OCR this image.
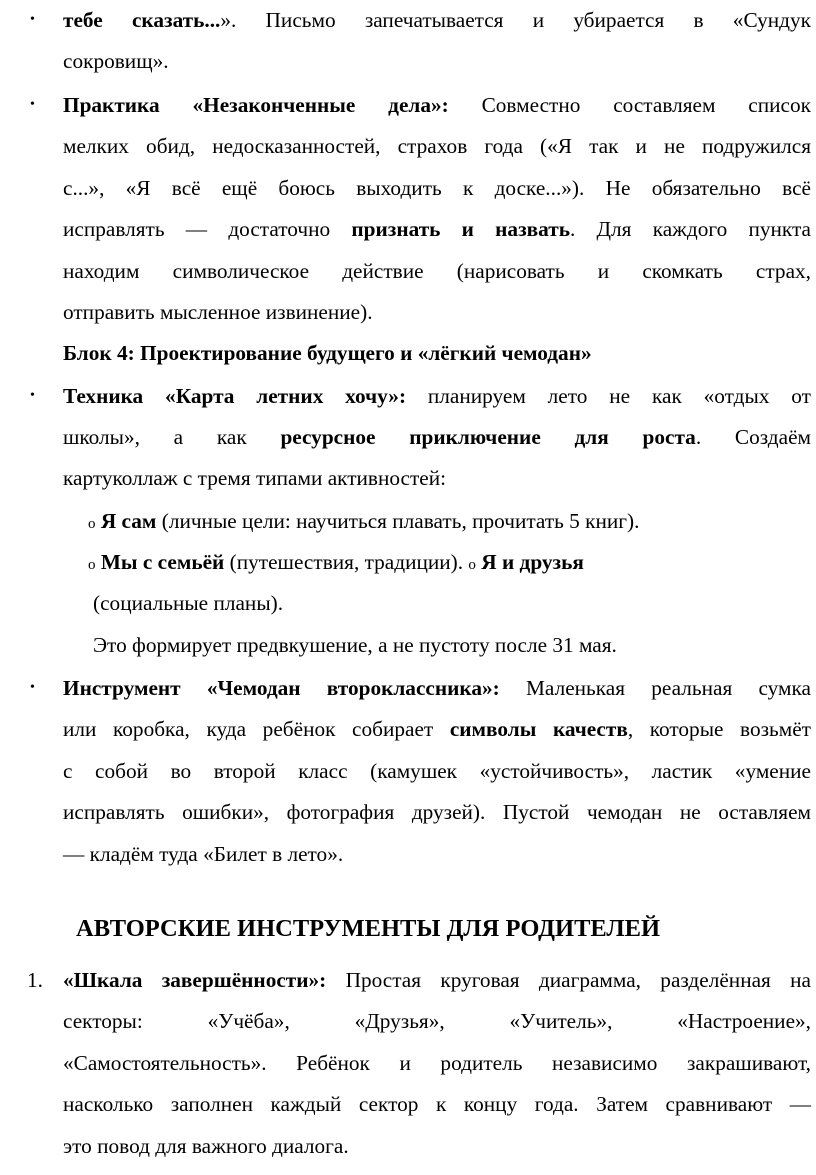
• тебе сказать...». Письмо запечатывается и убирается в «Сундук
сокровищ».
• Практика «Незаконченные дела»: Совместно составляем список
мелких обид, недосказанностей, страхов года («Я так и не подружился
с...», «Я всё ещё боюсь выходить к доске...»). Не обязательно всё
исправлять — достаточно признать и назвать. Для каждого пункта
находим символическое действие (нарисовать и скомкать страх,
отправить мысленное извинение).
Блок 4: Проектирование будущего и «лёгкий чемодан»
• Техника «Карта летних хочу»: планируем лето не как «отдых от
школы», а как ресурсное приключение для роста. Создаём
картуколлаж с тремя типами активностей:
o Я сам (личные цели: научиться плавать, прочитать 5 книг).
o Мы с семьёй (путешествия, традиции). o Я и друзья
(социальные планы).
Это формирует предвкушение, а не пустоту после 31 мая.
• Инструмент «Чемодан второклассника»: Маленькая реальная сумка
или коробка, куда ребёнок собирает символы качеств, которые возьмёт
с собой во второй класс (камушек «устойчивость», ластик «умение
исправлять ошибки», фотография друзей). Пустой чемодан не оставляем
— кладём туда «Билет в лето».
АВТОРСКИЕ ИНСТРУМЕНТЫ ДЛЯ РОДИТЕЛЕЙ
1. «Шкала завершённости»: Простая круговая диаграмма, разделённая на
секторы: «Учёба», «Друзья», «Учитель», «Настроение»,
«Самостоятельность». Ребёнок и родитель независимо закрашивают,
насколько заполнен каждый сектор к концу года. Затем сравнивают —
это повод для важного диалога.
